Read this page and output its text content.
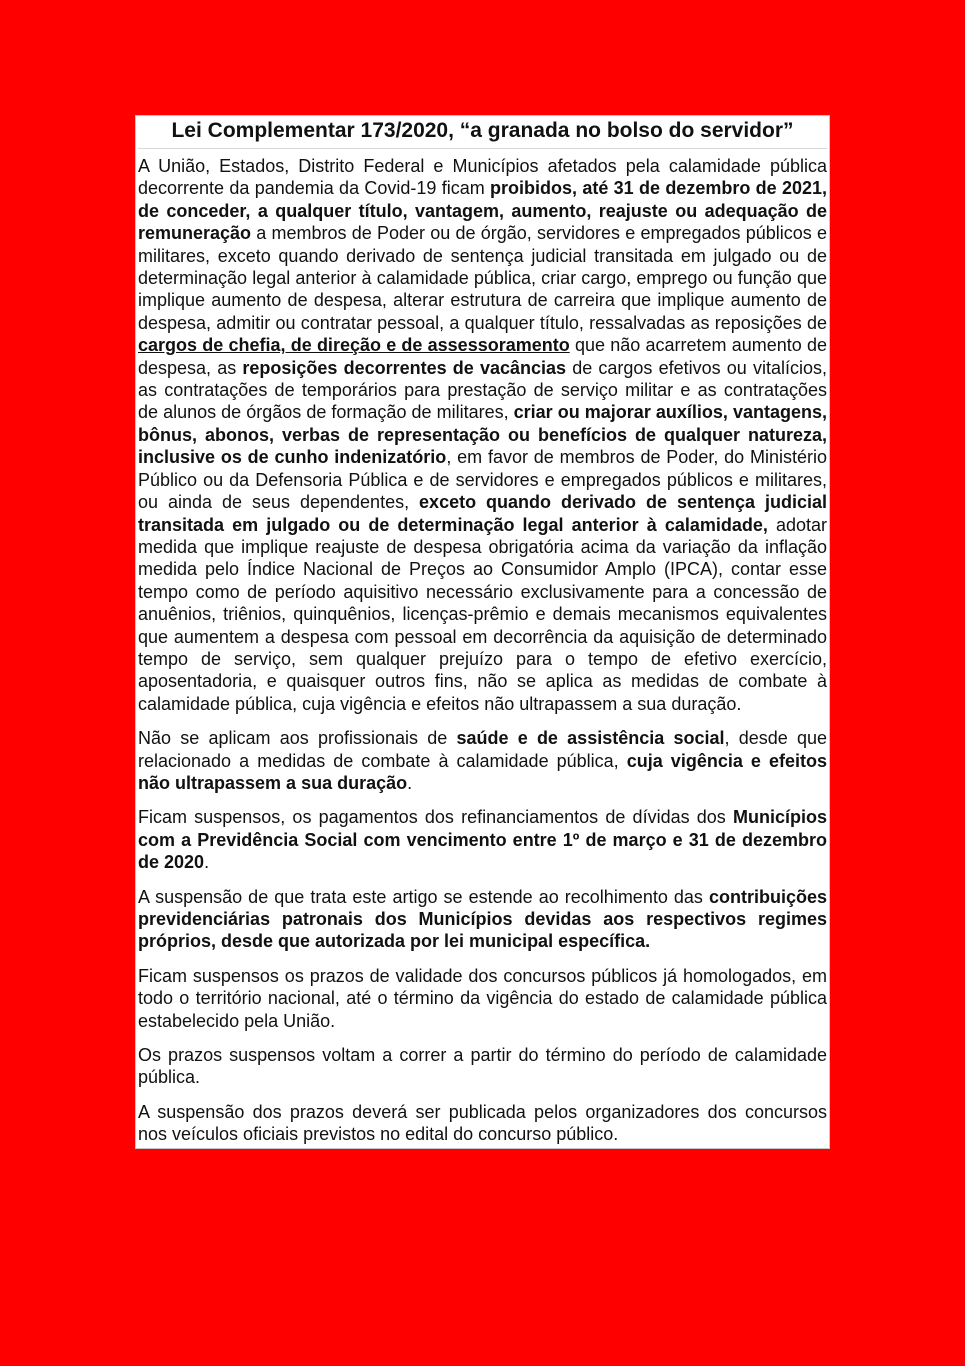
Lei Complementar 173/2020, “a granada no bolso do servidor”

A União, Estados, Distrito Federal e Municípios afetados pela calamidade pública decorrente da pandemia da Covid-19 ficam proibidos, até 31 de dezembro de 2021, de conceder, a qualquer título, vantagem, aumento, reajuste ou adequação de remuneração a membros de Poder ou de órgão, servidores e empregados públicos e militares, exceto quando derivado de sentença judicial transitada em julgado ou de determinação legal anterior à calamidade pública, criar cargo, emprego ou função que implique aumento de despesa, alterar estrutura de carreira que implique aumento de despesa, admitir ou contratar pessoal, a qualquer título, ressalvadas as reposições de cargos de chefia, de direção e de assessoramento que não acarretem aumento de despesa, as reposições decorrentes de vacâncias de cargos efetivos ou vitalícios, as contratações de temporários para prestação de serviço militar e as contratações de alunos de órgãos de formação de militares, criar ou majorar auxílios, vantagens, bônus, abonos, verbas de representação ou benefícios de qualquer natureza, inclusive os de cunho indenizatório, em favor de membros de Poder, do Ministério Público ou da Defensoria Pública e de servidores e empregados públicos e militares, ou ainda de seus dependentes, exceto quando derivado de sentença judicial transitada em julgado ou de determinação legal anterior à calamidade, adotar medida que implique reajuste de despesa obrigatória acima da variação da inflação medida pelo Índice Nacional de Preços ao Consumidor Amplo (IPCA), contar esse tempo como de período aquisitivo necessário exclusivamente para a concessão de anuênios, triênios, quinquênios, licenças-prêmio e demais mecanismos equivalentes que aumentem a despesa com pessoal em decorrência da aquisição de determinado tempo de serviço, sem qualquer prejuízo para o tempo de efetivo exercício, aposentadoria, e quaisquer outros fins, não se aplica as medidas de combate à calamidade pública, cuja vigência e efeitos não ultrapassem a sua duração.

Não se aplicam aos profissionais de saúde e de assistência social, desde que relacionado a medidas de combate à calamidade pública, cuja vigência e efeitos não ultrapassem a sua duração.

Ficam suspensos, os pagamentos dos refinanciamentos de dívidas dos Municípios com a Previdência Social com vencimento entre 1º de março e 31 de dezembro de 2020.

A suspensão de que trata este artigo se estende ao recolhimento das contribuições previdenciárias patronais dos Municípios devidas aos respectivos regimes próprios, desde que autorizada por lei municipal específica.

Ficam suspensos os prazos de validade dos concursos públicos já homologados, em todo o território nacional, até o término da vigência do estado de calamidade pública estabelecido pela União.

Os prazos suspensos voltam a correr a partir do término do período de calamidade pública.

A suspensão dos prazos deverá ser publicada pelos organizadores dos concursos nos veículos oficiais previstos no edital do concurso público.
